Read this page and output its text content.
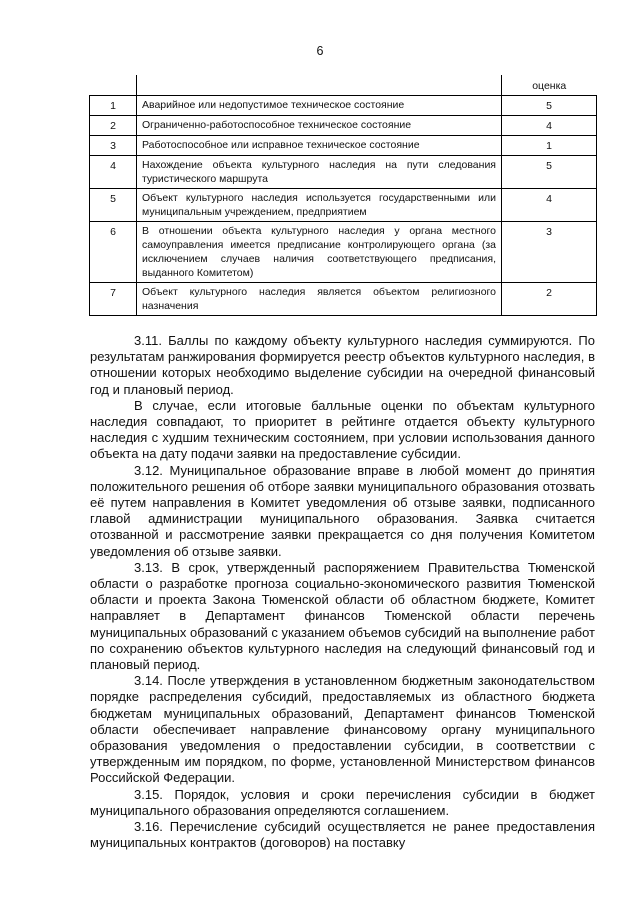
6
		оценка
1	Аварийное или недопустимое техническое состояние	5
2	Ограниченно-работоспособное техническое состояние	4
3	Работоспособное или исправное техническое состояние	1
4	Нахождение объекта культурного наследия на пути следования туристического маршрута	5
5	Объект культурного наследия используется государственными или муниципальным учреждением, предприятием	4
6	В отношении объекта культурного наследия у органа местного самоуправления имеется предписание контролирующего органа (за исключением случаев наличия соответствующего предписания, выданного Комитетом)	3
7	Объект культурного наследия является объектом религиозного назначения	2

3.11. Баллы по каждому объекту культурного наследия суммируются. По результатам ранжирования формируется реестр объектов культурного наследия, в отношении которых необходимо выделение субсидии на очередной финансовый год и плановый период.

В случае, если итоговые балльные оценки по объектам культурного наследия совпадают, то приоритет в рейтинге отдается объекту культурного наследия с худшим техническим состоянием, при условии использования данного объекта на дату подачи заявки на предоставление субсидии.

3.12. Муниципальное образование вправе в любой момент до принятия положительного решения об отборе заявки муниципального образования отозвать её путем направления в Комитет уведомления об отзыве заявки, подписанного главой администрации муниципального образования. Заявка считается отозванной и рассмотрение заявки прекращается со дня получения Комитетом уведомления об отзыве заявки.

3.13. В срок, утвержденный распоряжением Правительства Тюменской области о разработке прогноза социально-экономического развития Тюменской области и проекта Закона Тюменской области об областном бюджете, Комитет направляет в Департамент финансов Тюменской области перечень муниципальных образований с указанием объемов субсидий на выполнение работ по сохранению объектов культурного наследия на следующий финансовый год и плановый период.

3.14. После утверждения в установленном бюджетным законодательством порядке распределения субсидий, предоставляемых из областного бюджета бюджетам муниципальных образований, Департамент финансов Тюменской области обеспечивает направление финансовому органу муниципального образования уведомления о предоставлении субсидии, в соответствии с утвержденным им порядком, по форме, установленной Министерством финансов Российской Федерации.

3.15. Порядок, условия и сроки перечисления субсидии в бюджет муниципального образования определяются соглашением.

3.16. Перечисление субсидий осуществляется не ранее предоставления муниципальных контрактов (договоров) на поставку
